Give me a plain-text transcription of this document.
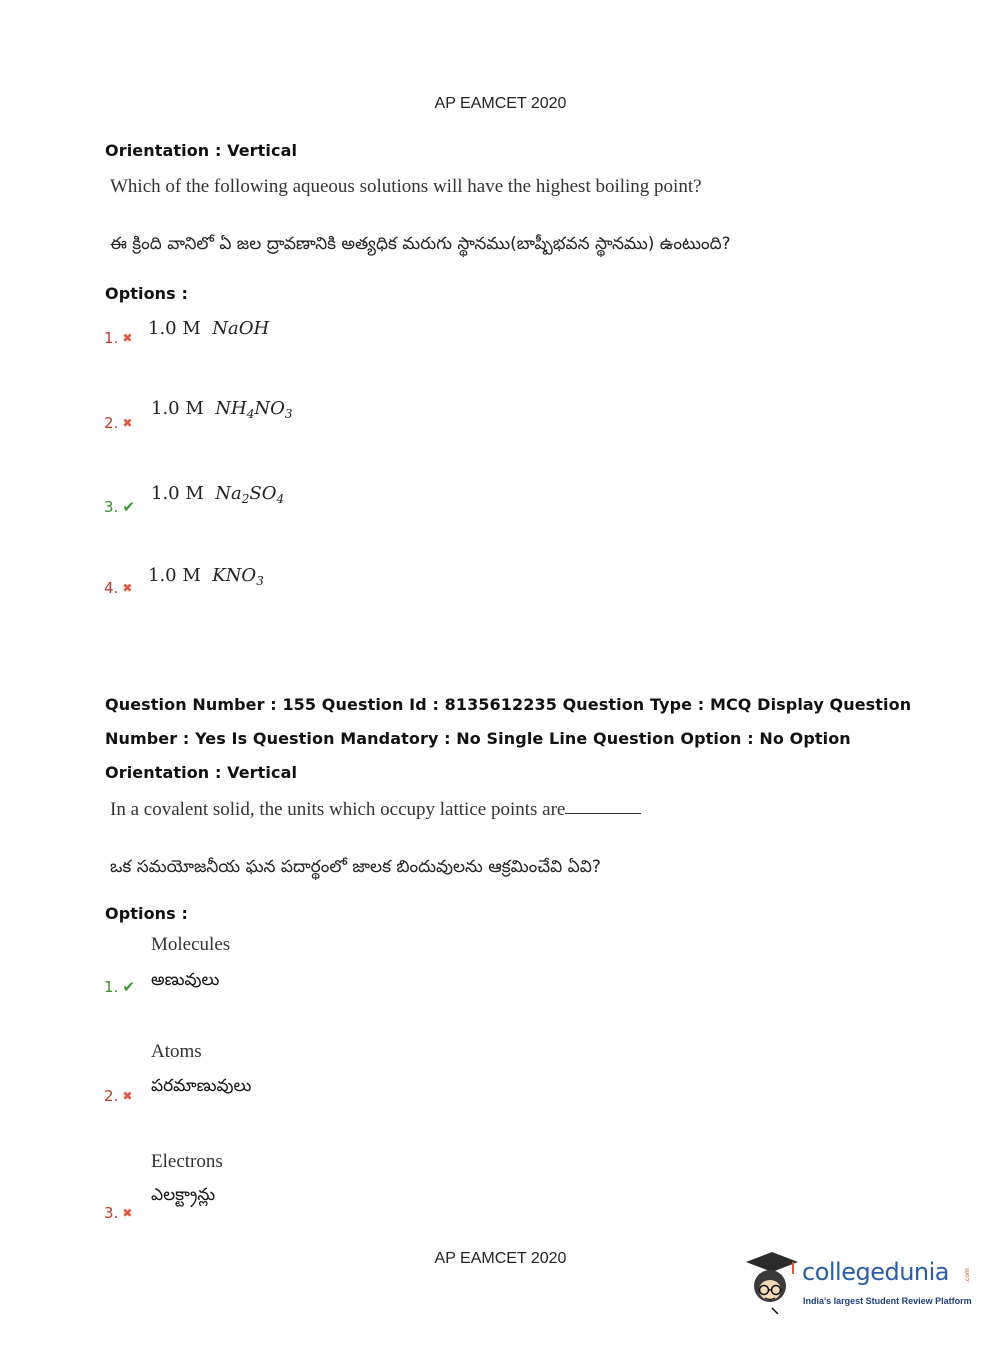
AP EAMCET 2020
Orientation : Vertical
Which of the following aqueous solutions will have the highest boiling point?
ఈ క్రింది వానిలో ఏ జల ద్రావణానికి అత్యధిక మరుగు స్థానము(బాష్పీభవన స్థానము) ఉంటుంది?
Options :
1. ✖ 1.0 M NaOH
2. ✖
1.0 M $NH_4NO_3$
3. ✔
1.0 M $Na_2SO_4$
4. ✖
1.0 M $KNO_3$
Question Number : 155 Question Id : 8135612235 Question Type : MCQ Display Question
Number : Yes Is Question Mandatory : No Single Line Question Option : No Option
Orientation : Vertical
In a covalent solid, the units which occupy lattice points are
ఒక సమయోజనీయ ఘన పదార్థంలో జాలక బిందువులను ఆక్రమించేవి ఏవి?
Options :
Molecules
అణువులు
1. ✔
Atoms
పరమాణువులు
2. ✖
Electrons
ఎలక్ట్రాన్లు
3. ✖
AP EAMCET 2020	collegedunia .com
India's largest Student Review Platform
